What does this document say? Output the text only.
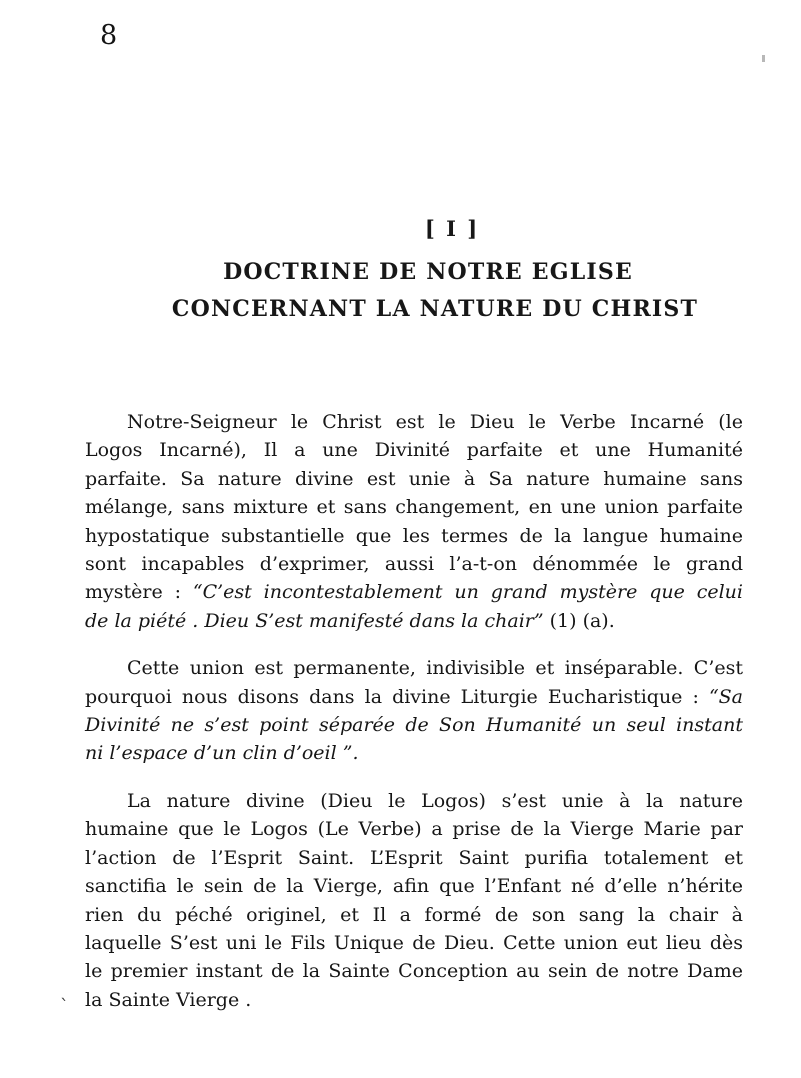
8
[ I ]
DOCTRINE DE NOTRE EGLISE
CONCERNANT LA NATURE DU CHRIST
Notre-Seigneur le Christ est le Dieu le Verbe Incarné (le
Logos Incarné), Il a une Divinité parfaite et une Humanité
parfaite. Sa nature divine est unie à Sa nature humaine sans
mélange, sans mixture et sans changement, en une union parfaite
hypostatique substantielle que les termes de la langue humaine
sont incapables d’exprimer, aussi l’a-t-on dénommée le grand
mystère : “C’est incontestablement un grand mystère que celui
de la piété . Dieu S’est manifesté dans la chair” (1) (a).
Cette union est permanente, indivisible et inséparable. C’est
pourquoi nous disons dans la divine Liturgie Eucharistique : “Sa
Divinité ne s’est point séparée de Son Humanité un seul instant
ni l’espace d’un clin d’oeil ”.
La nature divine (Dieu le Logos) s’est unie à la nature
humaine que le Logos (Le Verbe) a prise de la Vierge Marie par
l’action de l’Esprit Saint. L’Esprit Saint purifia totalement et
sanctifia le sein de la Vierge, afin que l’Enfant né d’elle n’hérite
rien du péché originel, et Il a formé de son sang la chair à
laquelle S’est uni le Fils Unique de Dieu. Cette union eut lieu dès
le premier instant de la Sainte Conception au sein de notre Dame
la Sainte Vierge .
`
